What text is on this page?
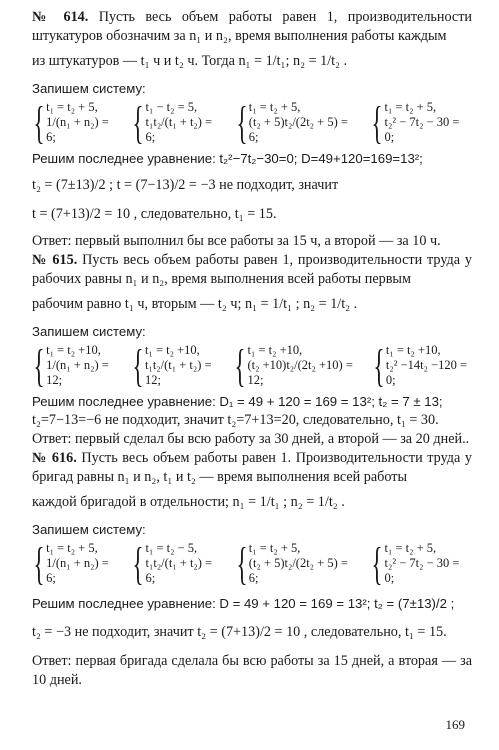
№ 614. Пусть весь объем работы равен 1, производительности штукатуров обозначим за n₁ и n₂, время выполнения работы каждым

из штукатуров — t₁ ч и t₂ ч. Тогда n₁ = 1/t₁; n₂ = 1/t₂ .

Запишем систему:

{ t₁ = t₂ + 5,
1/(n₁ + n₂) = 6;	{ t₁ − t₂ = 5,
t₁t₂/(t₁ + t₂) = 6;	{ t₁ = t₂ + 5,
(t₂ + 5)t₂/(2t₂ + 5) = 6;	{ t₁ = t₂ + 5,
t₂² − 7t₂ − 30 = 0;

Решим последнее уравнение: t₂²−7t₂−30=0; D=49+120=169=13²;

t₂ = (7±13)/2 ; t = (7−13)/2 = −3 не подходит, значит

t = (7+13)/2 = 10 , следовательно, t₁ = 15.

Ответ: первый выполнил бы все работы за 15 ч, а второй — за 10 ч.

№ 615. Пусть весь объем работы равен 1, производительности труда у рабочих равны n₁ и n₂, время выполнения всей работы первым

рабочим равно t₁ ч, вторым — t₂ ч; n₁ = 1/t₁ ; n₂ = 1/t₂ .

Запишем систему:

{ t₁ = t₂ +10,
1/(n₁ + n₂) = 12;	{ t₁ = t₂ +10,
t₁t₂/(t₁ + t₂) = 12;	{ t₁ = t₂ +10,
(t₂ +10)t₂/(2t₂ +10) = 12;	{ t₁ = t₂ +10,
t₂² −14t₂ −120 = 0;

Решим последнее уравнение: D₁ = 49 + 120 = 169 = 13²; t₂ = 7 ± 13;

t₂=7−13=−6 не подходит, значит t₂=7+13=20, следовательно, t₁ = 30.

Ответ: первый сделал бы всю работу за 30 дней, а второй — за 20 дней..

№ 616. Пусть весь объем работы равен 1. Производительности труда у бригад равны n₁ и n₂, t₁ и t₂ — время выполнения всей работы

каждой бригадой в отдельности; n₁ = 1/t₁ ; n₂ = 1/t₂ .

Запишем систему:

{ t₁ = t₂ + 5,
1/(n₁ + n₂) = 6;	{ t₁ = t₂ − 5,
t₁t₂/(t₁ + t₂) = 6;	{ t₁ = t₂ + 5,
(t₂ + 5)t₂/(2t₂ + 5) = 6;	{ t₁ = t₂ + 5,
t₂² − 7t₂ − 30 = 0;

Решим последнее уравнение: D = 49 + 120 = 169 = 13²; t₂ = (7±13)/2 ;

t₂ = −3 не подходит, значит t₂ = (7+13)/2 = 10 , следовательно, t₁ = 15.

Ответ: первая бригада сделала бы всю работы за 15 дней, а вторая — за 10 дней.

169
